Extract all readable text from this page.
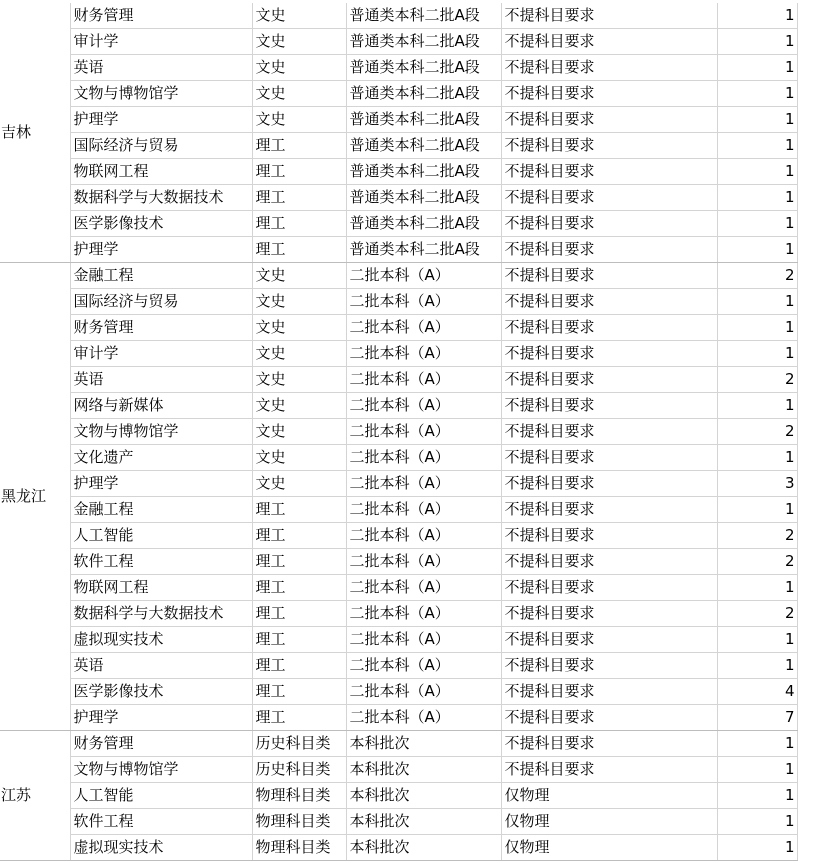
吉林	财务管理	文史	普通类本科二批A段	不提科目要求	1
	审计学	文史	普通类本科二批A段	不提科目要求	1
	英语	文史	普通类本科二批A段	不提科目要求	1
	文物与博物馆学	文史	普通类本科二批A段	不提科目要求	1
	护理学	文史	普通类本科二批A段	不提科目要求	1
	国际经济与贸易	理工	普通类本科二批A段	不提科目要求	1
	物联网工程	理工	普通类本科二批A段	不提科目要求	1
	数据科学与大数据技术	理工	普通类本科二批A段	不提科目要求	1
	医学影像技术	理工	普通类本科二批A段	不提科目要求	1
	护理学	理工	普通类本科二批A段	不提科目要求	1
黑龙江	金融工程	文史	二批本科（A）	不提科目要求	2
	国际经济与贸易	文史	二批本科（A）	不提科目要求	1
	财务管理	文史	二批本科（A）	不提科目要求	1
	审计学	文史	二批本科（A）	不提科目要求	1
	英语	文史	二批本科（A）	不提科目要求	2
	网络与新媒体	文史	二批本科（A）	不提科目要求	1
	文物与博物馆学	文史	二批本科（A）	不提科目要求	2
	文化遗产	文史	二批本科（A）	不提科目要求	1
	护理学	文史	二批本科（A）	不提科目要求	3
	金融工程	理工	二批本科（A）	不提科目要求	1
	人工智能	理工	二批本科（A）	不提科目要求	2
	软件工程	理工	二批本科（A）	不提科目要求	2
	物联网工程	理工	二批本科（A）	不提科目要求	1
	数据科学与大数据技术	理工	二批本科（A）	不提科目要求	2
	虚拟现实技术	理工	二批本科（A）	不提科目要求	1
	英语	理工	二批本科（A）	不提科目要求	1
	医学影像技术	理工	二批本科（A）	不提科目要求	4
	护理学	理工	二批本科（A）	不提科目要求	7
江苏	财务管理	历史科目类	本科批次	不提科目要求	1
	文物与博物馆学	历史科目类	本科批次	不提科目要求	1
	人工智能	物理科目类	本科批次	仅物理	1
	软件工程	物理科目类	本科批次	仅物理	1
	虚拟现实技术	物理科目类	本科批次	仅物理	1
